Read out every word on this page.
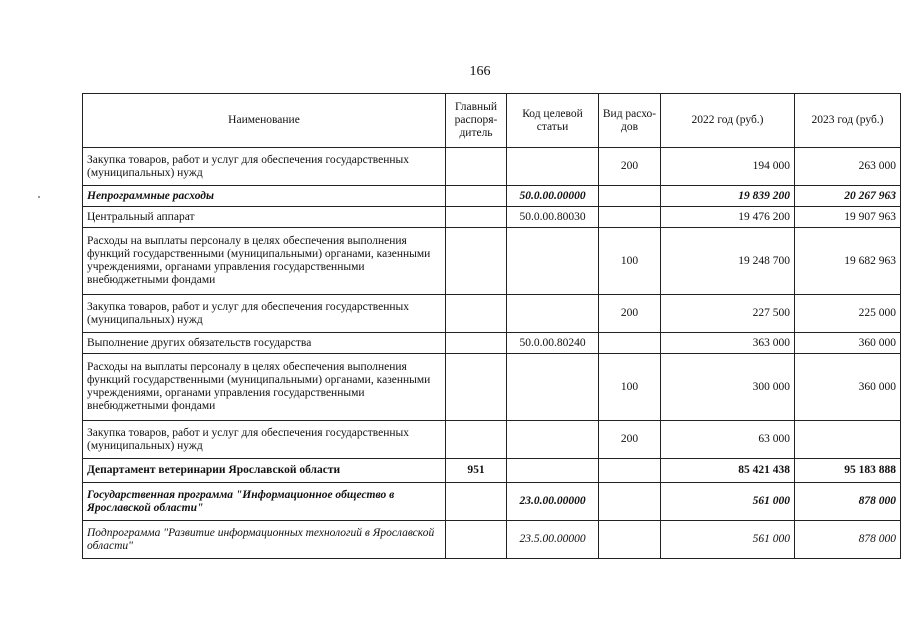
166
Наименование	Главный распоря-дитель	Код целевой статьи	Вид расхо-дов	2022 год (руб.)	2023 год (руб.)
Закупка товаров, работ и услуг для обеспечения государственных (муниципальных) нужд			200	194 000	263 000
Непрограммные расходы		50.0.00.00000		19 839 200	20 267 963
Центральный аппарат		50.0.00.80030		19 476 200	19 907 963
Расходы на выплаты персоналу в целях обеспечения выполнения функций государственными (муниципальными) органами, казенными учреждениями, органами управления государственными внебюджетными фондами			100	19 248 700	19 682 963
Закупка товаров, работ и услуг для обеспечения государственных (муниципальных) нужд			200	227 500	225 000
Выполнение других обязательств государства		50.0.00.80240		363 000	360 000
Расходы на выплаты персоналу в целях обеспечения выполнения функций государственными (муниципальными) органами, казенными учреждениями, органами управления государственными внебюджетными фондами			100	300 000	360 000
Закупка товаров, работ и услуг для обеспечения государственных (муниципальных) нужд			200	63 000	
Департамент ветеринарии Ярославской области	951			85 421 438	95 183 888
Государственная программа "Информационное общество в Ярославской области"		23.0.00.00000		561 000	878 000
Подпрограмма "Развитие информационных технологий в Ярославской области"		23.5.00.00000		561 000	878 000
